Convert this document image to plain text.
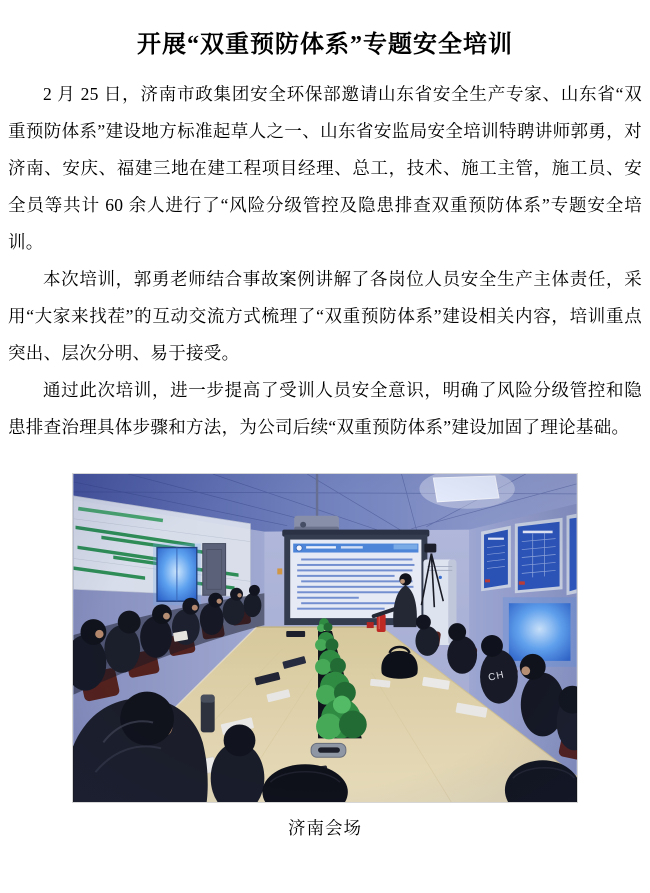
开展“双重预防体系”专题安全培训

2 月 25 日，济南市政集团安全环保部邀请山东省安全生产专家、山东省“双重预防体系”建设地方标准起草人之一、山东省安监局安全培训特聘讲师郭勇，对济南、安庆、福建三地在建工程项目经理、总工，技术、施工主管，施工员、安全员等共计 60 余人进行了“风险分级管控及隐患排查双重预防体系”专题安全培训。

本次培训，郭勇老师结合事故案例讲解了各岗位人员安全生产主体责任，采用“大家来找茬”的互动交流方式梳理了“双重预防体系”建设相关内容，培训重点突出、层次分明、易于接受。

通过此次培训，进一步提高了受训人员安全意识，明确了风险分级管控和隐患排查治理具体步骤和方法，为公司后续“双重预防体系”建设加固了理论基础。

济南会场
